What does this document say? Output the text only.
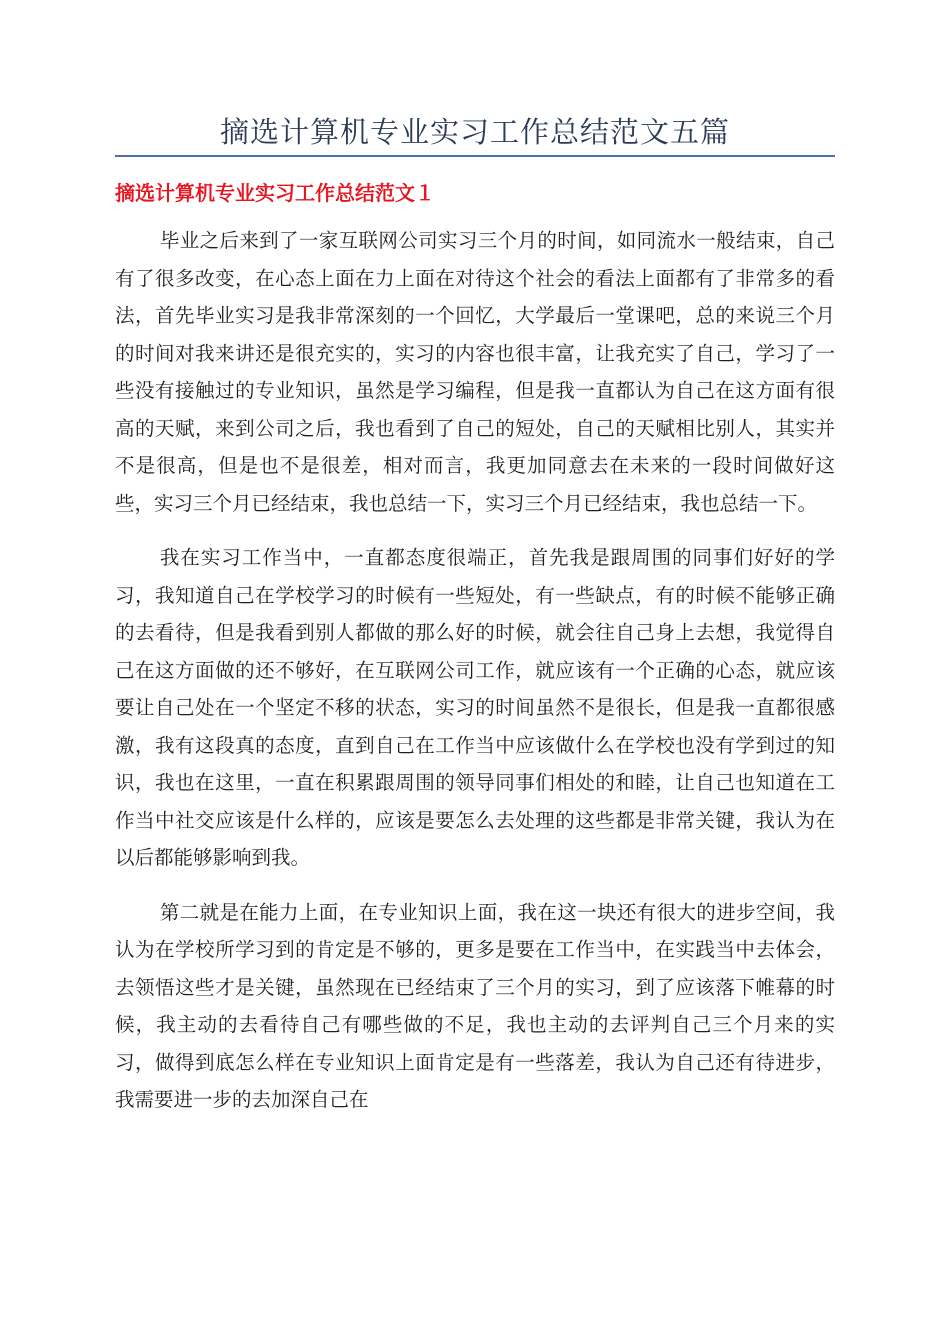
摘选计算机专业实习工作总结范文五篇
摘选计算机专业实习工作总结范文１

毕业之后来到了一家互联网公司实习三个月的时间，如同流水一般结束，自己有了很多改变，在心态上面在力上面在对待这个社会的看法上面都有了非常多的看法，首先毕业实习是我非常深刻的一个回忆，大学最后一堂课吧，总的来说三个月的时间对我来讲还是很充实的，实习的内容也很丰富，让我充实了自己，学习了一些没有接触过的专业知识，虽然是学习编程，但是我一直都认为自己在这方面有很高的天赋，来到公司之后，我也看到了自己的短处，自己的天赋相比别人，其实并不是很高，但是也不是很差，相对而言，我更加同意去在未来的一段时间做好这些，实习三个月已经结束，我也总结一下，实习三个月已经结束，我也总结一下。

我在实习工作当中，一直都态度很端正，首先我是跟周围的同事们好好的学习，我知道自己在学校学习的时候有一些短处，有一些缺点，有的时候不能够正确的去看待，但是我看到别人都做的那么好的时候，就会往自己身上去想，我觉得自己在这方面做的还不够好，在互联网公司工作，就应该有一个正确的心态，就应该要让自己处在一个坚定不移的状态，实习的时间虽然不是很长，但是我一直都很感激，我有这段真的态度，直到自己在工作当中应该做什么在学校也没有学到过的知识，我也在这里，一直在积累跟周围的领导同事们相处的和睦，让自己也知道在工作当中社交应该是什么样的，应该是要怎么去处理的这些都是非常关键，我认为在以后都能够影响到我。

第二就是在能力上面，在专业知识上面，我在这一块还有很大的进步空间，我认为在学校所学习到的肯定是不够的，更多是要在工作当中，在实践当中去体会，去领悟这些才是关键，虽然现在已经结束了三个月的实习，到了应该落下帷幕的时候，我主动的去看待自己有哪些做的不足，我也主动的去评判自己三个月来的实习，做得到底怎么样在专业知识上面肯定是有一些落差，我认为自己还有待进步，我需要进一步的去加深自己在
